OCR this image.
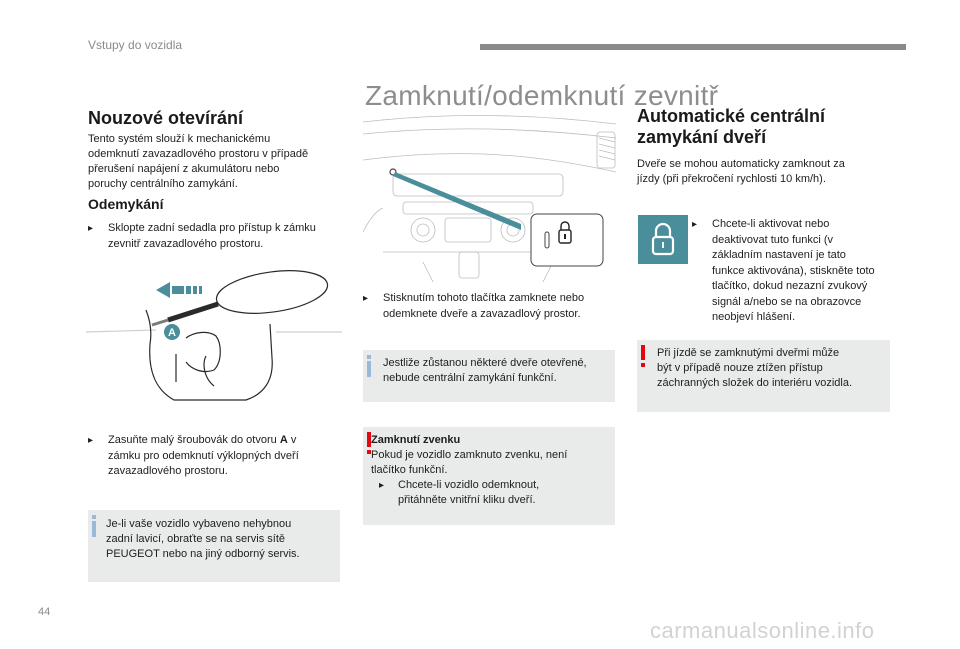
Vstupy do vozidla
Zamknutí/odemknutí zevnitř
Nouzové otevírání
Tento systém slouží k mechanickému
odemknutí zavazadlového prostoru v případě
přerušení napájení z akumulátoru nebo
poruchy centrálního zamykání.
Odemykání
▸ Sklopte zadní sedadla pro přístup k zámku
zevnitř zavazadlového prostoru.
A
▸ Zasuňte malý šroubovák do otvoru A v
zámku pro odemknutí výklopných dveří
zavazadlového prostoru.
Je-li vaše vozidlo vybaveno nehybnou
zadní lavicí, obraťte se na servis sítě
PEUGEOT nebo na jiný odborný servis.
▸ Stisknutím tohoto tlačítka zamknete nebo
odemknete dveře a zavazadlový prostor.
Jestliže zůstanou některé dveře otevřené,
nebude centrální zamykání funkční.
Zamknutí zvenku
Pokud je vozidlo zamknuto zvenku, není
tlačítko funkční.
▸ Chcete-li vozidlo odemknout,
přitáhněte vnitřní kliku dveří.
Automatické centrální
zamykání dveří
Dveře se mohou automaticky zamknout za
jízdy (při překročení rychlosti 10 km/h).
▸ Chcete-li aktivovat nebo
deaktivovat tuto funkci (v
základním nastavení je tato
funkce aktivována), stiskněte toto
tlačítko, dokud nezazní zvukový
signál a/nebo se na obrazovce
neobjeví hlášení.
Při jízdě se zamknutými dveřmi může
být v případě nouze ztížen přístup
záchranných složek do interiéru vozidla.
44
carmanualsonline.info
